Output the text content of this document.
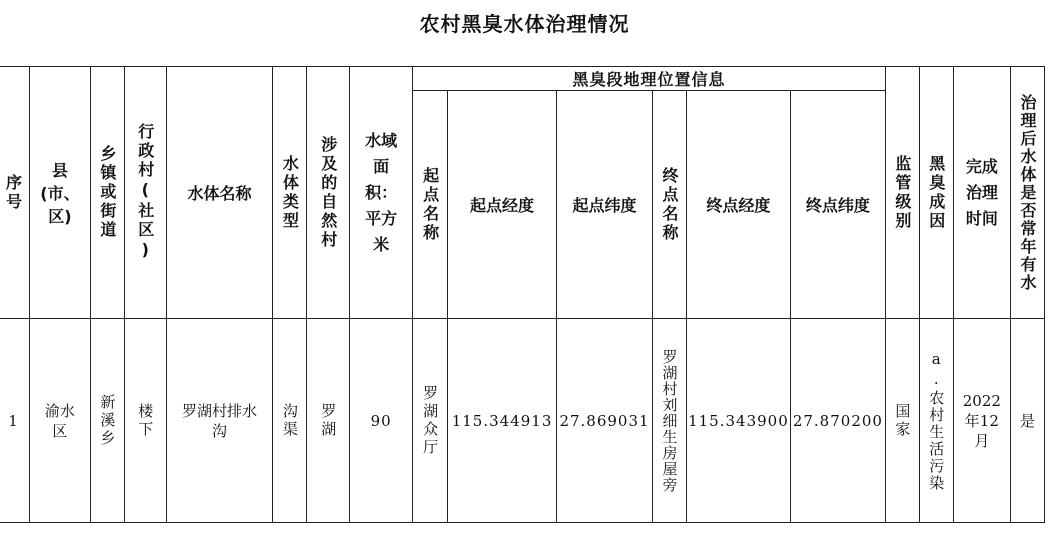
农村黑臭水体治理情况
序号	县(市、区)	乡镇或街道	行政村(社区)	水体名称	水体类型	涉及的自然村	水域面积：平方米	黑臭段地理位置信息						监管级别	黑臭成因	完成治理时间	治理后水体是否常年有水

								起点名称	起点经度	起点纬度	终点名称	终点经度	终点纬度				
1	渝水区	新溪乡	楼下	罗湖村排水沟	沟渠	罗湖	90	罗湖众厅	115.344913	27.869031	罗湖村刘细生房屋旁	115.343900	27.870200	国家	a.农村生活污染	2022年12月	是
